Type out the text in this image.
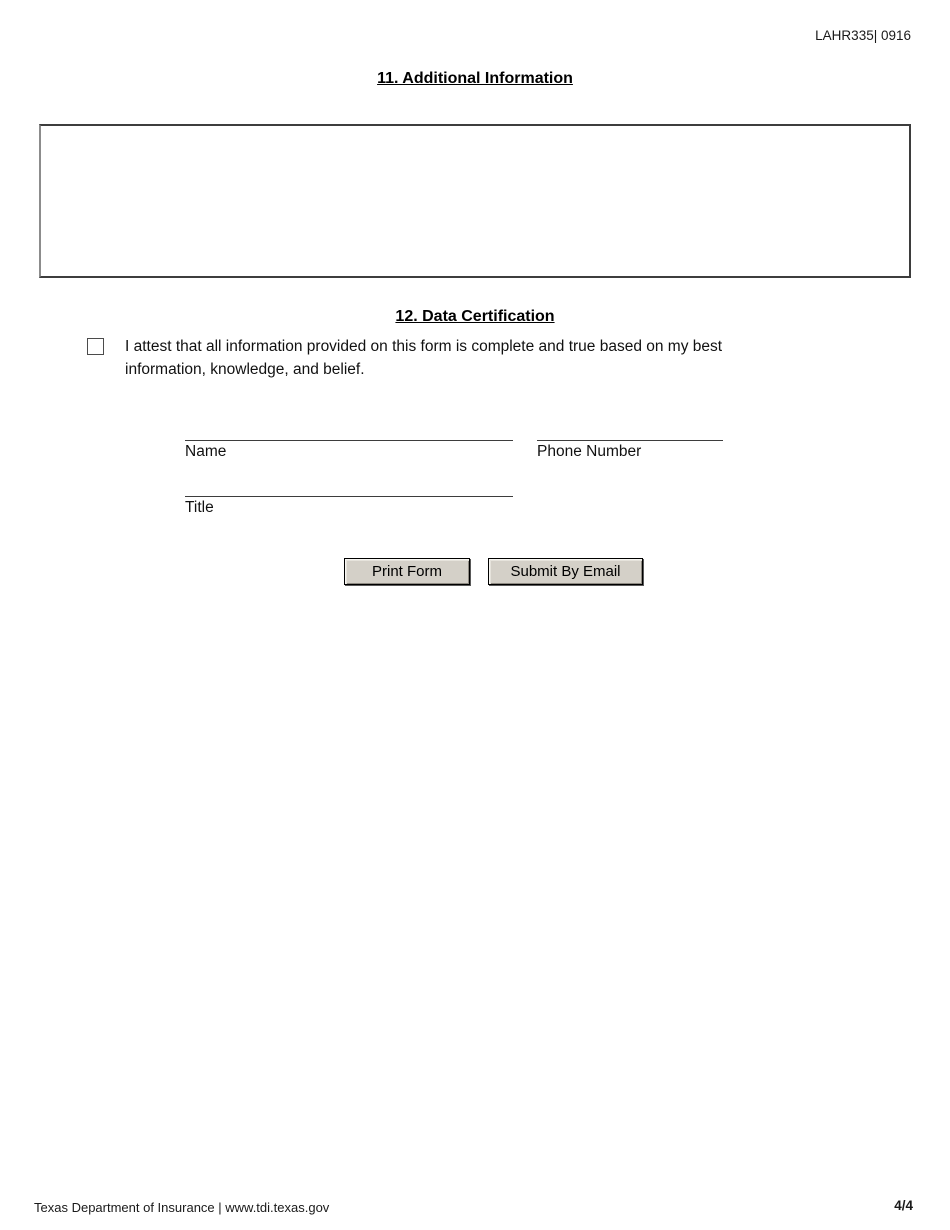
LAHR335| 0916
11. Additional Information
12. Data Certification
I attest that all information provided on this form is complete and true based on my best information, knowledge, and belief.
Name	Phone Number
Title
Print Form	Submit By Email
Texas Department of Insurance | www.tdi.texas.gov	4/4
